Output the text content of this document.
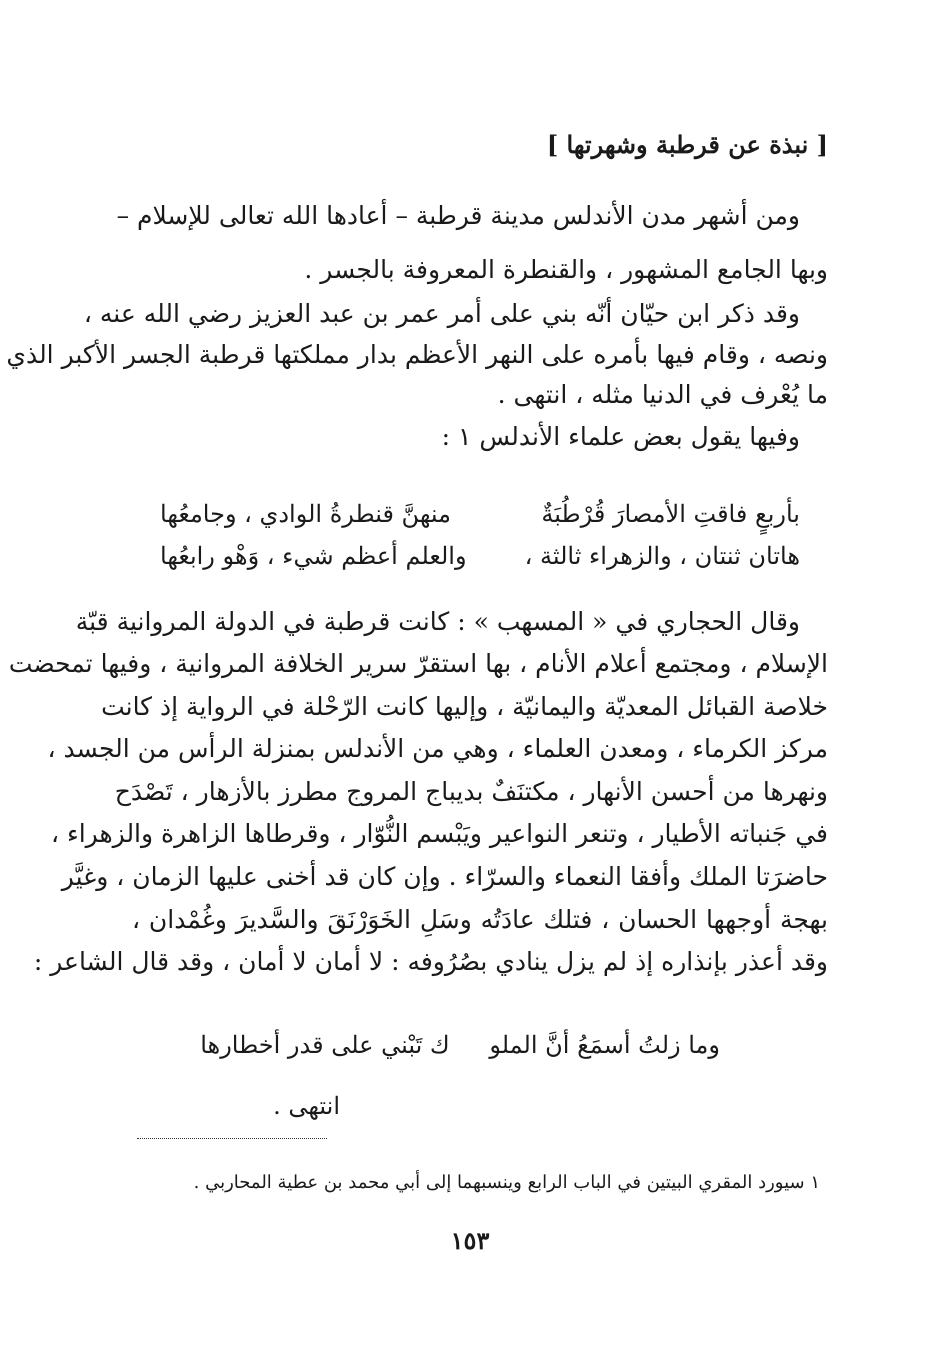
[ نبذة عن قرطبة وشهرتها ]
ومن أشهر مدن الأندلس مدينة قرطبة – أعادها الله تعالى للإسلام –
وبها الجامع المشهور ، والقنطرة المعروفة بالجسر .
وقد ذكر ابن حيّان أنّه بني على أمر عمر بن عبد العزيز رضي الله عنه ،
ونصه ، وقام فيها بأمره على النهر الأعظم بدار مملكتها قرطبة الجسر الأكبر الذي
ما يُعْرف في الدنيا مثله ، انتهى .
وفيها يقول بعض علماء الأندلس ١ :
بأربعٍ فاقتِ الأمصارَ قُرْطُبَةٌ
منهنَّ قنطرةُ الوادي ، وجامعُها
هاتان ثنتان ، والزهراء ثالثة ،
والعلم أعظم شيء ، وَهْو رابعُها
وقال الحجاري في « المسهب » : كانت قرطبة في الدولة المروانية قبّة
الإسلام ، ومجتمع أعلام الأنام ، بها استقرّ سرير الخلافة المروانية ، وفيها تمحضت
خلاصة القبائل المعديّة واليمانيّة ، وإليها كانت الرّحْلة في الرواية إذ كانت
مركز الكرماء ، ومعدن العلماء ، وهي من الأندلس بمنزلة الرأس من الجسد ،
ونهرها من أحسن الأنهار ، مكتنَفٌ بديباج المروج مطرز بالأزهار ، تَصْدَح
في جَنباته الأطيار ، وتنعر النواعير ويَبْسم النُّوّار ، وقرطاها الزاهرة والزهراء ،
حاضرَتا الملك وأفقا النعماء والسرّاء . وإن كان قد أخنى عليها الزمان ، وغيَّر
بهجة أوجهها الحسان ، فتلك عادَتُه وسَلِ الخَوَرْنَقَ والسَّديرَ وغُمْدان ،
وقد أعذر بإنذاره إذ لم يزل ينادي بصُرُوفه : لا أمان لا أمان ، وقد قال الشاعر :
وما زلتُ أسمَعُ أنَّ الملو ك تَبْني على قدر أخطارها
انتهى .
١ سيورد المقري البيتين في الباب الرابع وينسبهما إلى أبي محمد بن عطية المحاربي .
١٥٣
